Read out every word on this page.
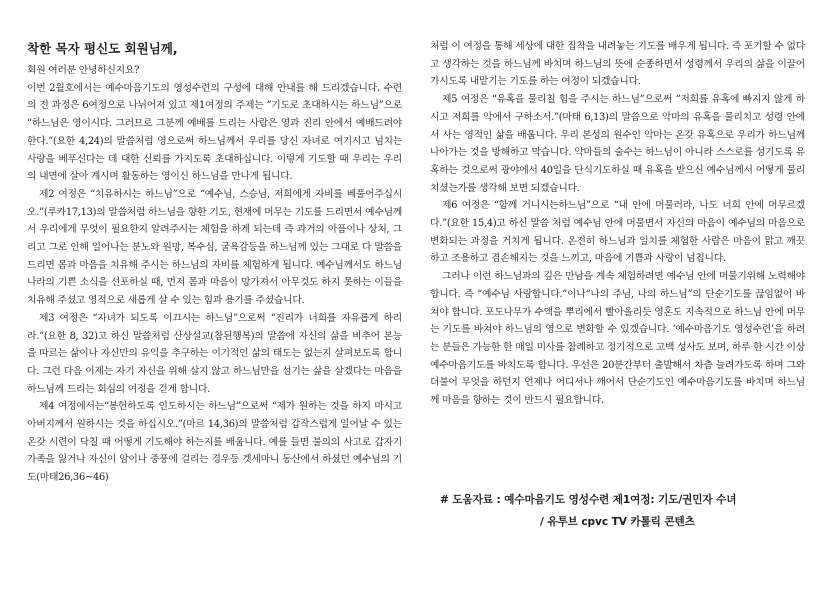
착한 목자 평신도 회원님께,

회원 여러분 안녕하신지요?

이번 2월호에서는 예수마음기도의 영성수련의 구성에 대해 안내를 해 드리겠습니다. 수련의 전 과정은 6여정으로 나뉘어져 있고 제1여정의 주제는 “기도로 초대하시는 하느님”으로 “하느님은 영이시다. 그러므로 그분께 예배를 드리는 사람은 영과 진리 안에서 예배드려야 한다.”(요한 4,24)의 말씀처럼 영으로써 하느님께서 우리를 당신 자녀로 여기시고 넘치는 사랑을 베푸신다는 데 대한 신뢰를 가지도록 초대하십니다. 이렇게 기도할 때 우리는 우리의 내면에 살아 계시며 활동하는 영이신 하느님을 만나게 됩니다.

제2 여정은 “치유하시는 하느님”으로 “예수님, 스승님, 저희에게 자비를 베풀어주십시오.”(루카17,13)의 말씀처럼 하느님을 향한 기도, 현재에 머무는 기도를 드리면서 예수님께서 우리에게 무엇이 필요한지 알려주시는 체험을 하게 되는데 즉 과거의 아픔이나 상처, 그리고 그로 인해 일어나는 분노와 원망, 복수심, 굴욕감등을 하느님께 있는 그대로 다 말씀을 드리면 몸과 마음을 치유해 주시는 하느님의 자비를 체험하게 됩니다. 예수님께서도 하느님 나라의 기쁜 소식을 선포하실 때, 먼저 몸과 마음이 망가져서 아무것도 하지 못하는 이들을 치유해 주셨고 영적으로 새롭게 살 수 있는 힘과 용기를 주셨습니다.

제3 여정은 “자녀가 되도록 이끄시는 하느님”으로써 “진리가 너희를 자유롭게 하리라.”(요한 8, 32)고 하신 말씀처럼 산상설교(참된행복)의 말씀에 자신의 삶을 비추어 본능을 따르는 삶이나 자신만의 유익을 추구하는 이기적인 삶의 태도는 없는지 살펴보도록 합니다. 그런 다음 이제는 자기 자신을 위해 살지 않고 하느님만을 섬기는 삶을 살겠다는 마음을 하느님께 드리는 회심의 여정을 걷게 합니다.

제4 여정에서는“봉헌하도록 인도하시는 하느님”으로써 “제가 원하는 것을 하지 마시고 아버지께서 원하시는 것을 하십시오.”(마르 14,36)의 말씀처럼 갑작스럽게 일어날 수 있는 온갖 시련이 닥칠 때 어떻게 기도해야 하는지를 배웁니다. 예를 들면 불의의 사고로 갑자기 가족을 잃거나 자신이 암이나 중풍에 걸리는 경우등 겟세마니 동산에서 하셨던 예수님의 기도(마태26,36~46)

처럼 이 여정을 통해 세상에 대한 집착을 내려놓는 기도를 배우게 됩니다. 즉 포기할 수 없다고 생각하는 것을 하느님께 바치며 하느님의 뜻에 순종하면서 성령께서 우리의 삶을 이끌어 가시도록 내맡기는 기도를 하는 여정이 되겠습니다.

제5 여정은 “유혹을 물리칠 힘을 주시는 하느님”으로써 “저희를 유혹에 빠지지 않게 하시고 저희를 악에서 구하소서.”(마태 6,13)의 말씀으로 악마의 유혹을 물리치고 성령 안에서 사는 영적인 삶을 배웁니다. 우리 본성의 원수인 악마는 온갖 유혹으로 우리가 하느님께 나아가는 것을 방해하고 막습니다. 악마들의 술수는 하느님이 아니라 스스로를 섬기도록 유혹하는 것으로써 광야에서 40일을 단식기도하실 때 유혹을 받으신 예수님께서 어떻게 물리치셨는가를 생각해 보면 되겠습니다.

제6 여정은 “함께 거니시는하느님”으로 “내 안에 머물러라, 나도 너희 안에 머무르겠다.”(요한 15,4)고 하신 말씀 처럼 예수님 안에 머물면서 자신의 마음이 예수님의 마음으로 변화되는 과정을 거치게 됩니다. 온전히 하느님과 일치를 체험한 사람은 마음이 맑고 깨끗하고 조용하고 겸손해지는 것을 느끼고, 마음에 기쁨과 사랑이 넘칩니다.

그러나 이런 하느님과의 깊은 만남을 계속 체험하려면 예수님 안에 머물기위해 노력해야 합니다. 즉 “예수님 사랑합니다.”이나“나의 주님, 나의 하느님”의 단순기도를 끊임없이 바쳐야 합니다. 포도나무가 수액을 뿌리에서 빨아올리듯 영혼도 지속적으로 하느님 안에 머무는 기도를 바쳐야 하느님의 영으로 변화할 수 있겠습니다. ‘예수마음기도 영성수련’을 하려는 분들은 가능한 한 매일 미사를 참례하고 정기적으로 고백 성사도 보며, 하루 한 시간 이상 예수마음기도를 바치도록 합니다. 우선은 20분간부터 출발해서 차츰 늘려가도록 하며 그와 더불어 무엇을 하던지 언제나 어디서나 깨어서 단순기도인 예수마음기도를 바치며 하느님께 마음을 향하는 것이 반드시 필요합니다.

# 도움자료 : 예수마음기도 영성수련 제1여정: 기도/권민자 수녀
/ 유투브 cpvc TV 카톨릭 콘텐츠
